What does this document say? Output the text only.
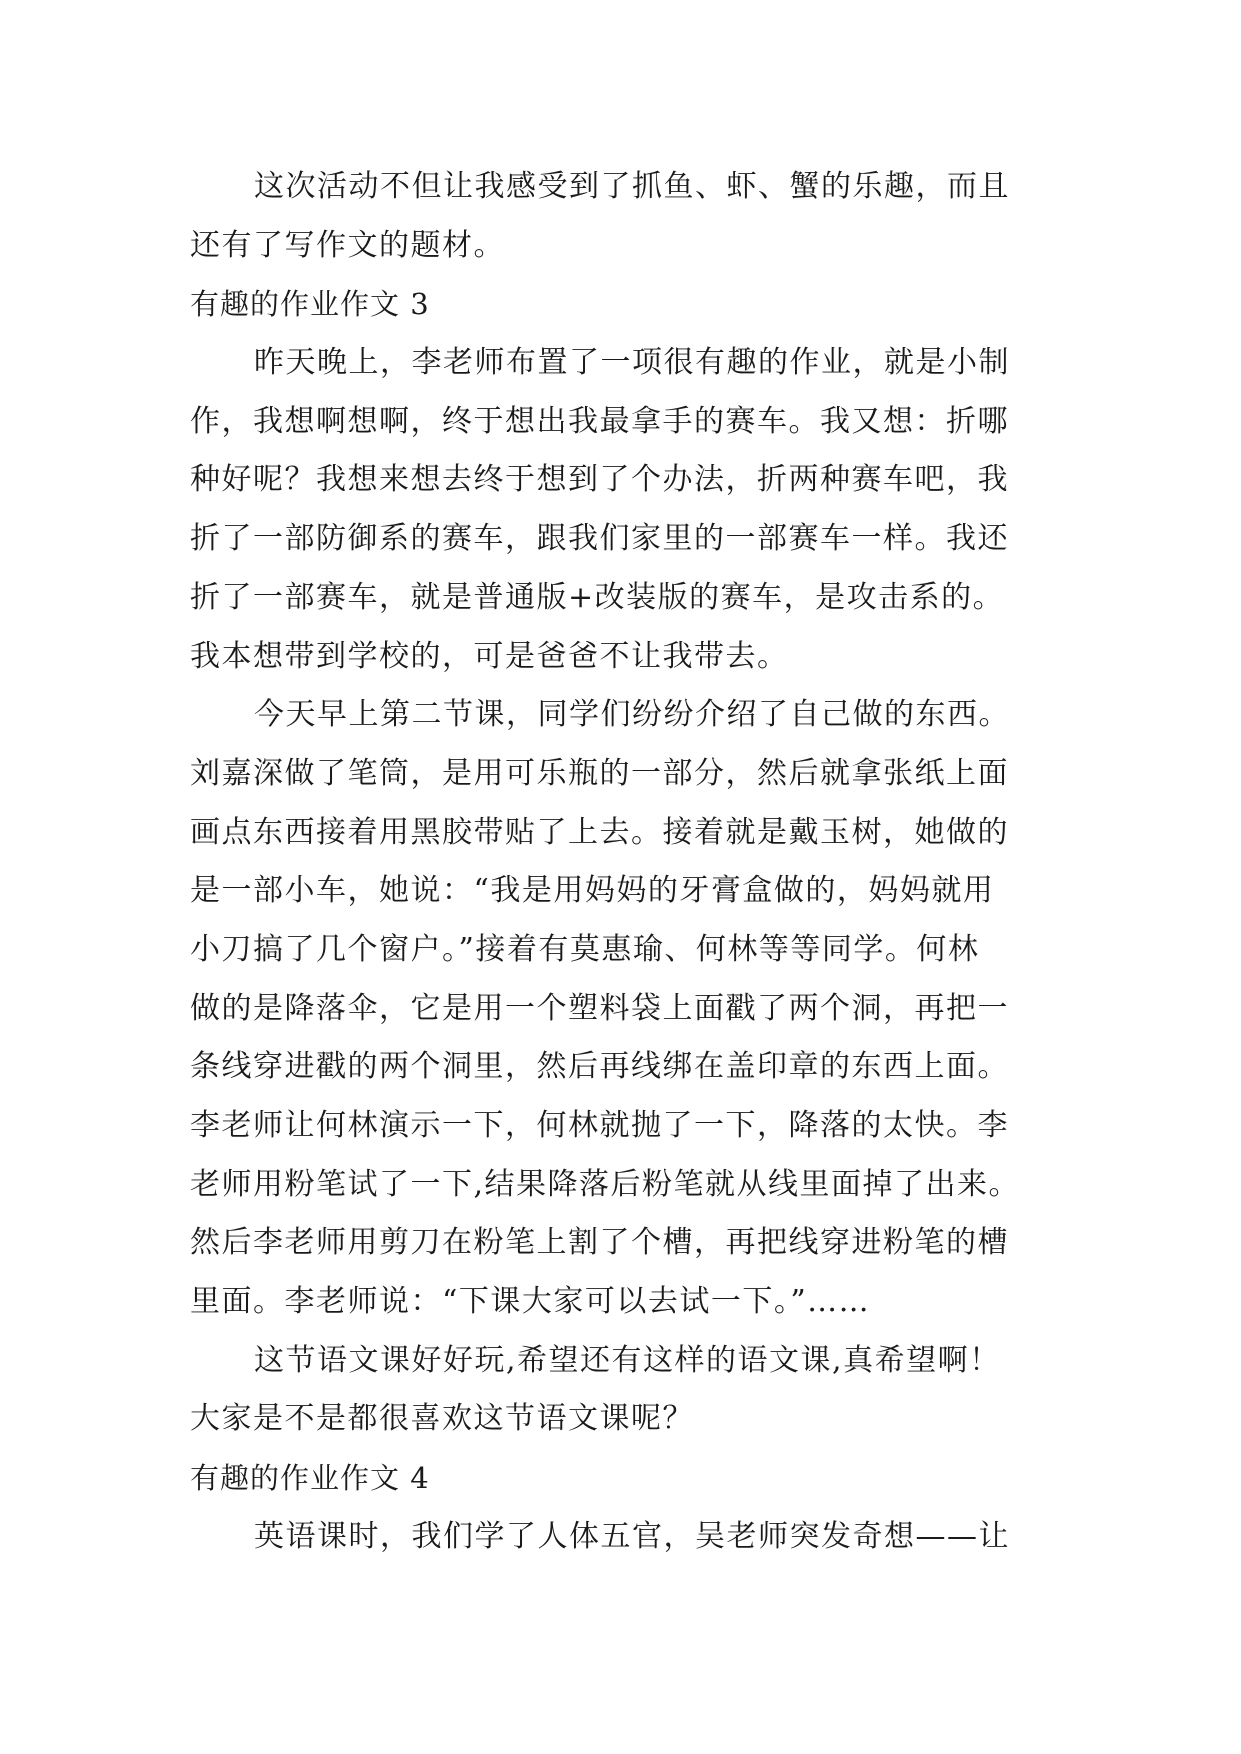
这次活动不但让我感受到了抓鱼、虾、蟹的乐趣，而且
还有了写作文的题材。
有趣的作业作文 3
昨天晚上，李老师布置了一项很有趣的作业，就是小制
作，我想啊想啊，终于想出我最拿手的赛车。我又想：折哪
种好呢？我想来想去终于想到了个办法，折两种赛车吧，我
折了一部防御系的赛车，跟我们家里的一部赛车一样。我还
折了一部赛车，就是普通版+改装版的赛车，是攻击系的。
我本想带到学校的，可是爸爸不让我带去。
今天早上第二节课，同学们纷纷介绍了自己做的东西。
刘嘉深做了笔筒，是用可乐瓶的一部分，然后就拿张纸上面
画点东西接着用黑胶带贴了上去。接着就是戴玉树，她做的
是一部小车，她说：“我是用妈妈的牙膏盒做的，妈妈就用
小刀搞了几个窗户。”接着有莫惠瑜、何林等等同学。何林
做的是降落伞，它是用一个塑料袋上面戳了两个洞，再把一
条线穿进戳的两个洞里，然后再线绑在盖印章的东西上面。
李老师让何林演示一下，何林就抛了一下，降落的太快。李
老师用粉笔试了一下,结果降落后粉笔就从线里面掉了出来。
然后李老师用剪刀在粉笔上割了个槽，再把线穿进粉笔的槽
里面。李老师说：“下课大家可以去试一下。”……
这节语文课好好玩,希望还有这样的语文课,真希望啊！
大家是不是都很喜欢这节语文课呢？
有趣的作业作文 4
英语课时，我们学了人体五官，吴老师突发奇想——让
